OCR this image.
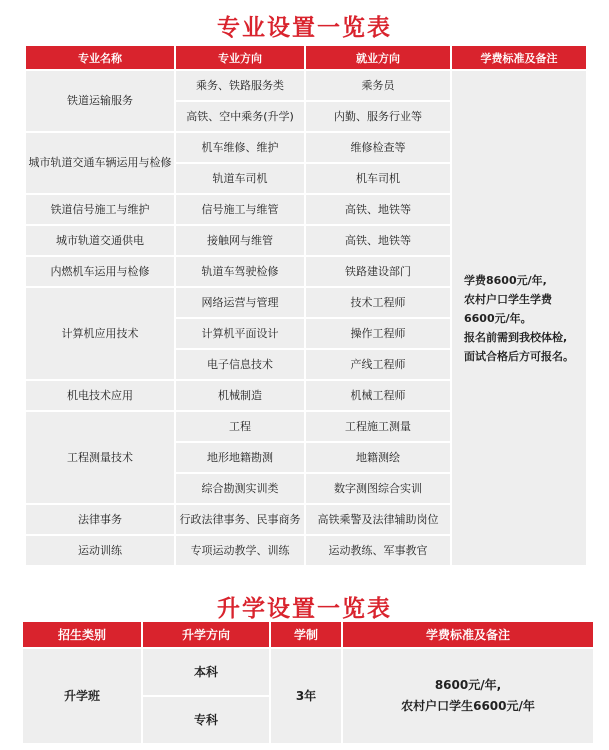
专业设置一览表
专业名称	专业方向	就业方向	学费标准及备注
铁道运输服务	乘务、铁路服务类	乘务员	学费8600元/年,
农村户口学生学费
6600元/年。
报名前需到我校体检,
面试合格后方可报名。

	高铁、空中乘务(升学)	内勤、服务行业等	
城市轨道交通车辆运用与检修	机车维修、维护	维修检查等	
	轨道车司机	机车司机	
铁道信号施工与维护	信号施工与维管	高铁、地铁等	
城市轨道交通供电	接触网与维管	高铁、地铁等	
内燃机车运用与检修	轨道车驾驶检修	铁路建设部门	
计算机应用技术	网络运营与管理	技术工程师	
	计算机平面设计	操作工程师	
	电子信息技术	产线工程师	
机电技术应用	机械制造	机械工程师	
工程测量技术	工程	工程施工测量	
	地形地籍勘测	地籍测绘	
	综合勘测实训类	数字测图综合实训	
法律事务	行政法律事务、民事商务	高铁乘警及法律辅助岗位	
运动训练	专项运动教学、训练	运动教练、军事教官	
升学设置一览表
招生类别	升学方向	学制	学费标准及备注
升学班	本科	3年	8600元/年,
农村户口学生6600元/年

	专科		
